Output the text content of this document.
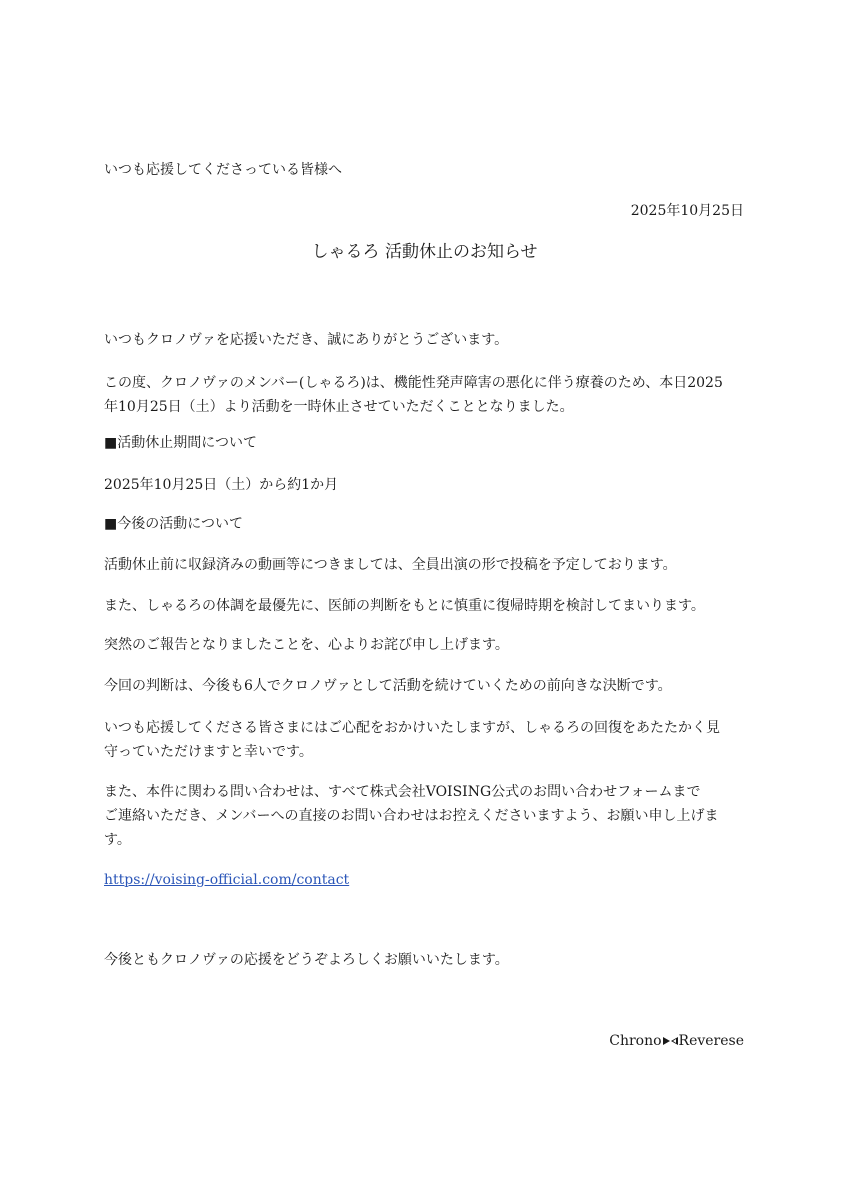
いつも応援してくださっている皆様へ
2025年10月25日
しゃるろ 活動休止のお知らせ
いつもクロノヴァを応援いただき、誠にありがとうございます。
この度、クロノヴァのメンバー(しゃるろ)は、機能性発声障害の悪化に伴う療養のため、本日2025
年10月25日（土）より活動を一時休止させていただくこととなりました。
■活動休止期間について
2025年10月25日（土）から約1か月
■今後の活動について
活動休止前に収録済みの動画等につきましては、全員出演の形で投稿を予定しております。
また、しゃるろの体調を最優先に、医師の判断をもとに慎重に復帰時期を検討してまいります。
突然のご報告となりましたことを、心よりお詫び申し上げます。
今回の判断は、今後も6人でクロノヴァとして活動を続けていくための前向きな決断です。
いつも応援してくださる皆さまにはご心配をおかけいたしますが、しゃるろの回復をあたたかく見
守っていただけますと幸いです。
また、本件に関わる問い合わせは、すべて株式会社VOISING公式のお問い合わせフォームまで
ご連絡いただき、メンバーへの直接のお問い合わせはお控えくださいますよう、お願い申し上げま
す。
https://voising-official.com/contact
今後ともクロノヴァの応援をどうぞよろしくお願いいたします。
Chrono Reverese
